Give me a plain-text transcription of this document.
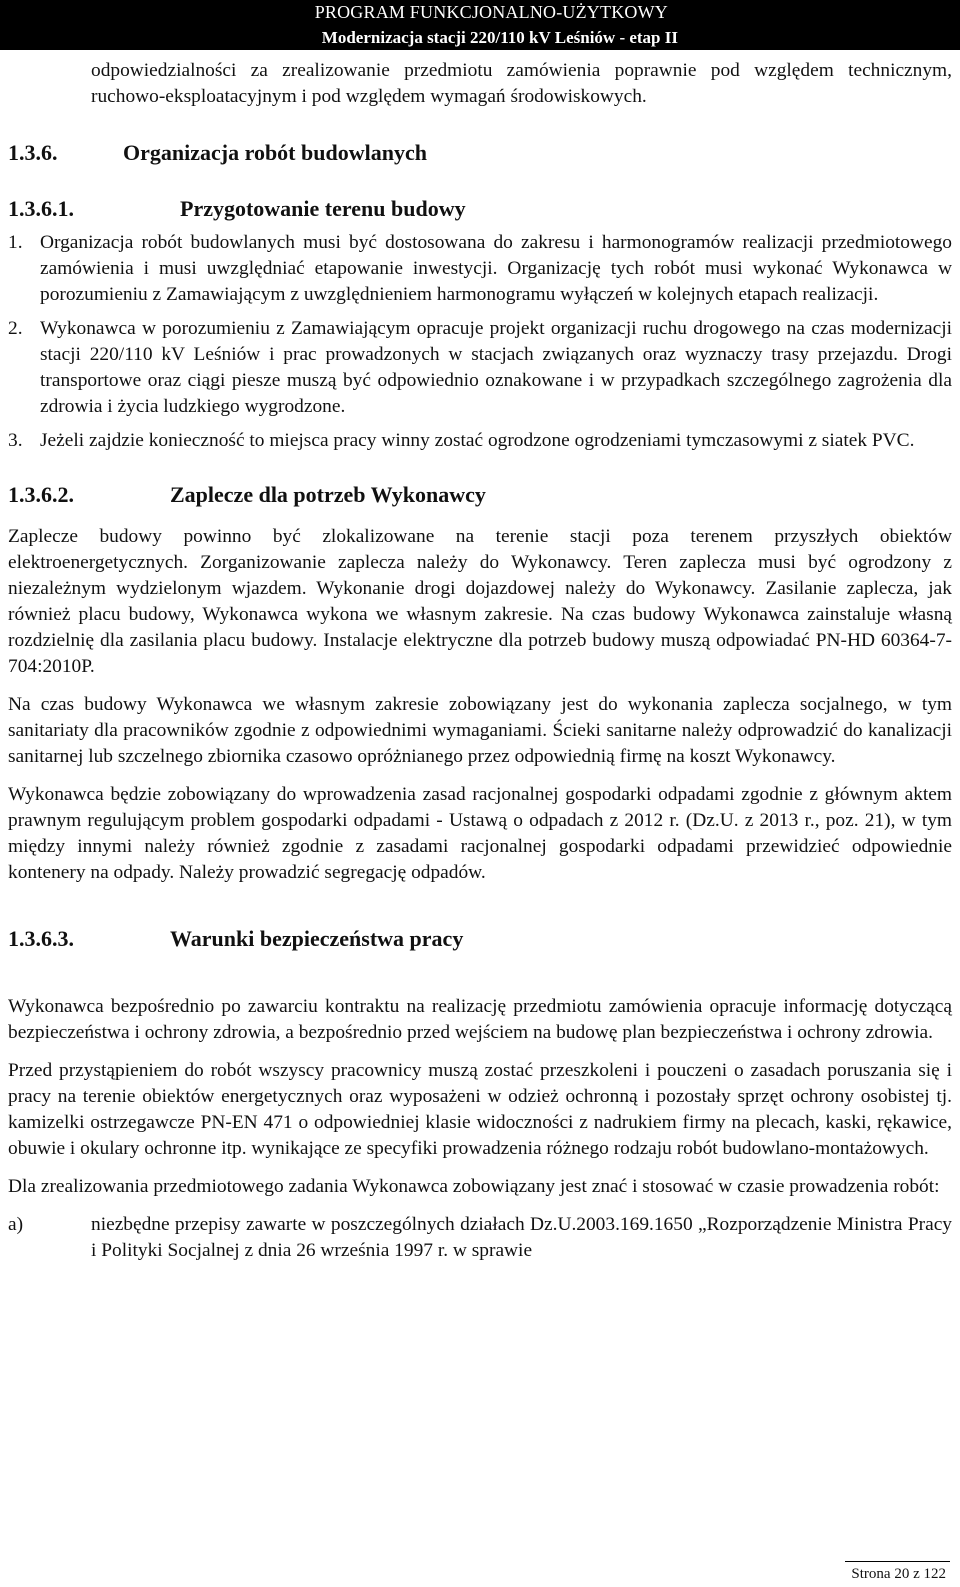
PROGRAM FUNKCJONALNO-UŻYTKOWY
Modernizacja stacji 220/110 kV Leśniów - etap II

odpowiedzialności za zrealizowanie przedmiotu zamówienia poprawnie pod względem technicznym, ruchowo-eksploatacyjnym i pod względem wymagań środowiskowych.

1.3.6.	Organizacja robót budowlanych
1.3.6.1.	Przygotowanie terenu budowy
1. Organizacja robót budowlanych musi być dostosowana do zakresu i harmonogramów realizacji przedmiotowego zamówienia i musi uwzględniać etapowanie inwestycji. Organizację tych robót musi wykonać Wykonawca w porozumieniu z Zamawiającym z uwzględnieniem harmonogramu wyłączeń w kolejnych etapach realizacji.
2. Wykonawca w porozumieniu z Zamawiającym opracuje projekt organizacji ruchu drogowego na czas modernizacji stacji 220/110 kV Leśniów i prac prowadzonych w stacjach związanych oraz wyznaczy trasy przejazdu. Drogi transportowe oraz ciągi piesze muszą być odpowiednio oznakowane i w przypadkach szczególnego zagrożenia dla zdrowia i życia ludzkiego wygrodzone.
3. Jeżeli zajdzie konieczność to miejsca pracy winny zostać ogrodzone ogrodzeniami tymczasowymi z siatek PVC.
1.3.6.2.	Zaplecze dla potrzeb Wykonawcy

Zaplecze budowy powinno być zlokalizowane na terenie stacji poza terenem przyszłych obiektów elektroenergetycznych. Zorganizowanie zaplecza należy do Wykonawcy. Teren zaplecza musi być ogrodzony z niezależnym wydzielonym wjazdem. Wykonanie drogi dojazdowej należy do Wykonawcy. Zasilanie zaplecza, jak również placu budowy, Wykonawca wykona we własnym zakresie. Na czas budowy Wykonawca zainstaluje własną rozdzielnię dla zasilania placu budowy. Instalacje elektryczne dla potrzeb budowy muszą odpowiadać PN-HD 60364-7-704:2010P.

Na czas budowy Wykonawca we własnym zakresie zobowiązany jest do wykonania zaplecza socjalnego, w tym sanitariaty dla pracowników zgodnie z odpowiednimi wymaganiami. Ścieki sanitarne należy odprowadzić do kanalizacji sanitarnej lub szczelnego zbiornika czasowo opróżnianego przez odpowiednią firmę na koszt Wykonawcy.

Wykonawca będzie zobowiązany do wprowadzenia zasad racjonalnej gospodarki odpadami zgodnie z głównym aktem prawnym regulującym problem gospodarki odpadami - Ustawą o odpadach z 2012 r. (Dz.U. z 2013 r., poz. 21), w tym między innymi należy również zgodnie z zasadami racjonalnej gospodarki odpadami przewidzieć odpowiednie kontenery na odpady. Należy prowadzić segregację odpadów.

1.3.6.3.	Warunki bezpieczeństwa pracy

Wykonawca bezpośrednio po zawarciu kontraktu na realizację przedmiotu zamówienia opracuje informację dotyczącą bezpieczeństwa i ochrony zdrowia, a bezpośrednio przed wejściem na budowę plan bezpieczeństwa i ochrony zdrowia.

Przed przystąpieniem do robót wszyscy pracownicy muszą zostać przeszkoleni i pouczeni o zasadach poruszania się i pracy na terenie obiektów energetycznych oraz wyposażeni w odzież ochronną i pozostały sprzęt ochrony osobistej tj. kamizelki ostrzegawcze PN-EN 471 o odpowiedniej klasie widoczności z nadrukiem firmy na plecach, kaski, rękawice, obuwie i okulary ochronne itp. wynikające ze specyfiki prowadzenia różnego rodzaju robót budowlano-montażowych.

Dla zrealizowania przedmiotowego zadania Wykonawca zobowiązany jest znać i stosować w czasie prowadzenia robót:

a)	niezbędne przepisy zawarte w poszczególnych działach Dz.U.2003.169.1650 „Rozporządzenie Ministra Pracy i Polityki Socjalnej z dnia 26 września 1997 r. w sprawie
Strona 20 z 122
